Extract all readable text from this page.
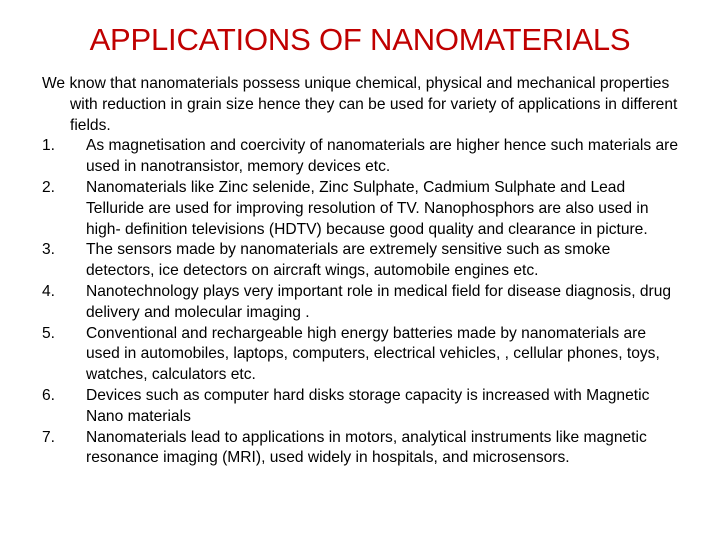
APPLICATIONS OF NANOMATERIALS

We know that nanomaterials possess unique chemical, physical and mechanical properties with reduction in grain size hence they can be used for variety of applications in different fields.

1.	As magnetisation and coercivity of nanomaterials are higher hence such materials are used in nanotransistor, memory devices etc.
2.	Nanomaterials like Zinc selenide, Zinc Sulphate, Cadmium Sulphate and Lead Telluride are used for improving resolution of TV. Nanophosphors are also used in high- definition televisions (HDTV) because good quality and clearance in picture.
3.	The sensors made by nanomaterials are extremely sensitive such as smoke detectors, ice detectors on aircraft wings, automobile engines etc.
4.	Nanotechnology plays very important role in medical field for disease diagnosis, drug delivery and molecular imaging .
5.	Conventional and rechargeable high energy batteries made by nanomaterials are used in automobiles, laptops, computers, electrical vehicles, , cellular phones, toys, watches, calculators etc.
6.	Devices such as computer hard disks storage capacity is increased with Magnetic Nano materials
7.	Nanomaterials lead to applications in motors, analytical instruments like magnetic resonance imaging (MRI), used widely in hospitals, and microsensors.
